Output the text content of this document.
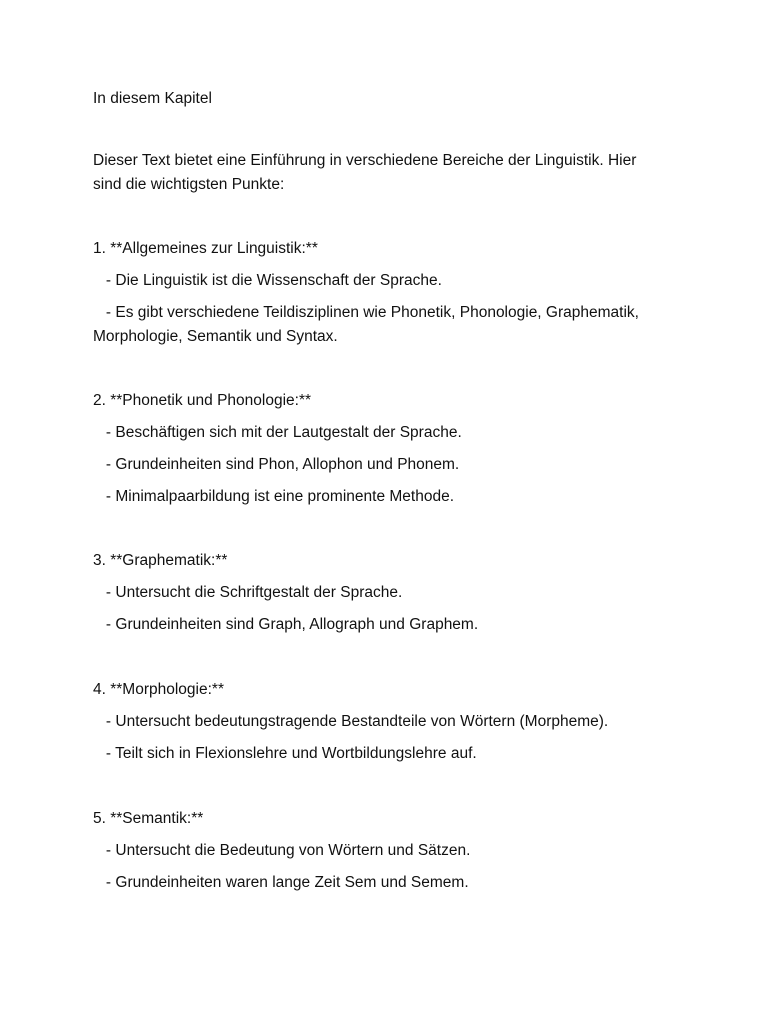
In diesem Kapitel
Dieser Text bietet eine Einführung in verschiedene Bereiche der Linguistik. Hier
sind die wichtigsten Punkte:
1. **Allgemeines zur Linguistik:**
- Die Linguistik ist die Wissenschaft der Sprache.
- Es gibt verschiedene Teildisziplinen wie Phonetik, Phonologie, Graphematik,
Morphologie, Semantik und Syntax.
2. **Phonetik und Phonologie:**
- Beschäftigen sich mit der Lautgestalt der Sprache.
- Grundeinheiten sind Phon, Allophon und Phonem.
- Minimalpaarbildung ist eine prominente Methode.
3. **Graphematik:**
- Untersucht die Schriftgestalt der Sprache.
- Grundeinheiten sind Graph, Allograph und Graphem.
4. **Morphologie:**
- Untersucht bedeutungstragende Bestandteile von Wörtern (Morpheme).
- Teilt sich in Flexionslehre und Wortbildungslehre auf.
5. **Semantik:**
- Untersucht die Bedeutung von Wörtern und Sätzen.
- Grundeinheiten waren lange Zeit Sem und Semem.
